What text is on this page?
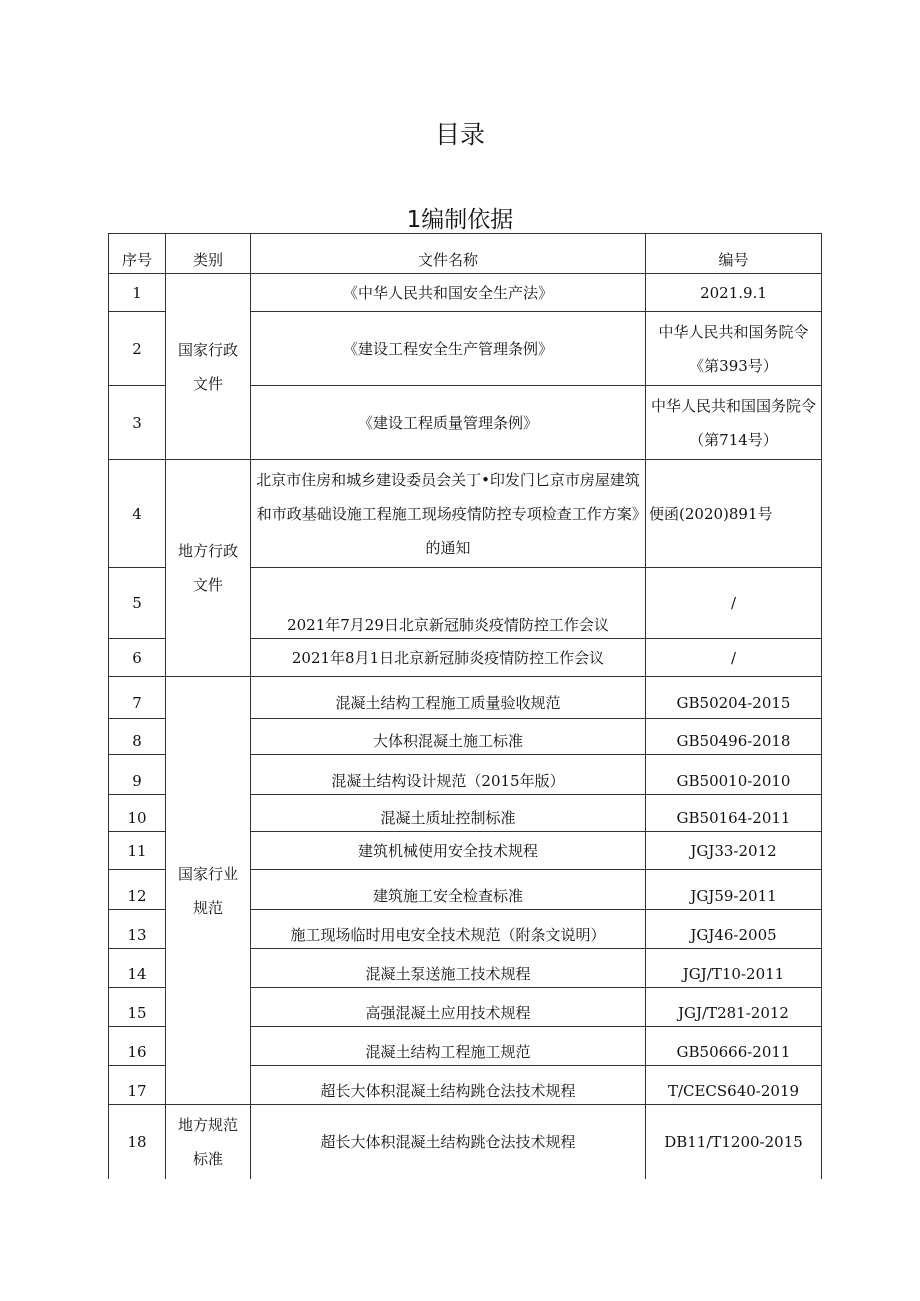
目录
1编制依据
序号	类别	文件名称	编号
1	国家行政文件	《中华人民共和国安全生产法》	2021.9.1
2		《建设工程安全生产管理条例》	中华人民共和国务院令《第393号）
3		《建设工程质量管理条例》	中华人民共和国国务院令（第714号）
4	地方行政文件	北京市住房和城乡建设委员会关丁•印发门匕京市房屋建筑和市政基础设施工程施工现场疫情防控专项检查工作方案》的通知	便函(2020)891号
5		2021年7月29日北京新冠肺炎疫情防控工作会议	/
6		2021年8月1日北京新冠肺炎疫情防控工作会议	/
7	国家行业规范	混凝土结构工程施工质量验收规范	GB50204-2015
8		大体积混凝土施工标准	GB50496-2018
9		混凝土结构设计规范（2015年版）	GB50010-2010
10		混凝土质址控制标准	GB50164-2011
11		建筑机械使用安全技术规程	JGJ33-2012
12		建筑施工安全检查标准	JGJ59-2011
13		施工现场临时用电安全技术规范（附条文说明）	JGJ46-2005
14		混凝土泵送施工技术规程	JGJ/T10-2011
15		高强混凝土应用技术规程	JGJ/T281-2012
16		混凝土结构工程施工规范	GB50666-2011
17		超长大体积混凝土结构跳仓法技术规程	T/CECS640-2019
18	地方规范标准	超长大体积混凝土结构跳仓法技术规程	DB11/T1200-2015
